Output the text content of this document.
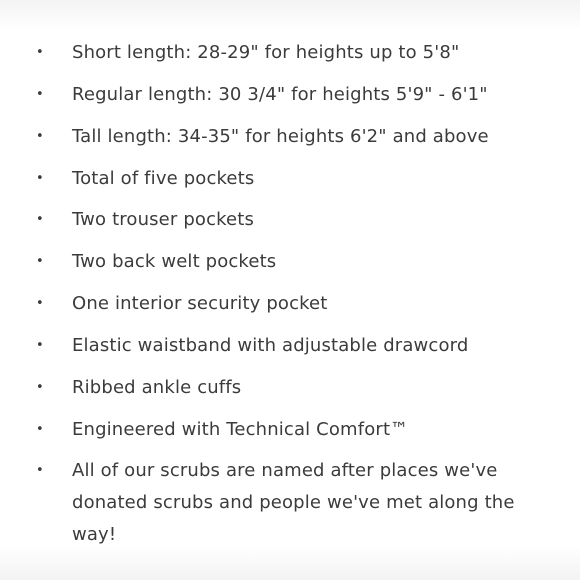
• Short length: 28-29" for heights up to 5'8"
• Regular length: 30 3/4" for heights 5'9" - 6'1"
• Tall length: 34-35" for heights 6'2" and above
• Total of five pockets
• Two trouser pockets
• Two back welt pockets
• One interior security pocket
• Elastic waistband with adjustable drawcord
• Ribbed ankle cuffs
• Engineered with Technical Comfort™
• All of our scrubs are named after places we've donated scrubs and people we've met along the way!
